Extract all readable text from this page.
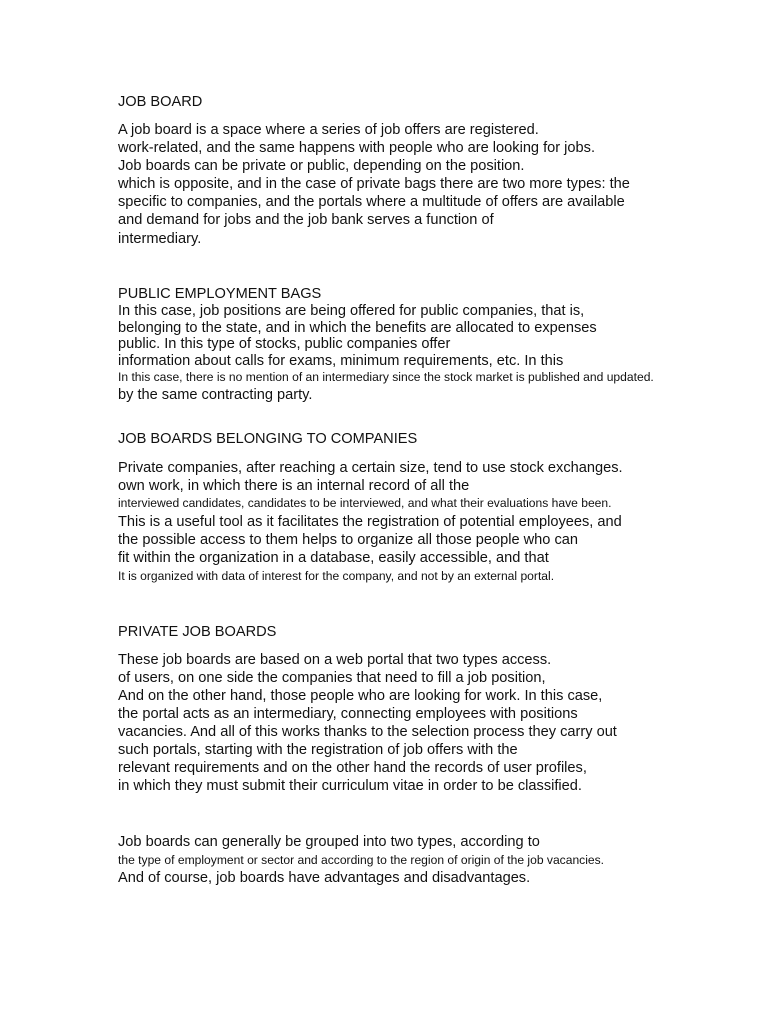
JOB BOARD
A job board is a space where a series of job offers are registered.
work-related, and the same happens with people who are looking for jobs.
Job boards can be private or public, depending on the position.
which is opposite, and in the case of private bags there are two more types: the
specific to companies, and the portals where a multitude of offers are available
and demand for jobs and the job bank serves a function of
intermediary.
PUBLIC EMPLOYMENT BAGS
In this case, job positions are being offered for public companies, that is,
belonging to the state, and in which the benefits are allocated to expenses
public. In this type of stocks, public companies offer
information about calls for exams, minimum requirements, etc. In this
In this case, there is no mention of an intermediary since the stock market is published and updated.
by the same contracting party.
JOB BOARDS BELONGING TO COMPANIES
Private companies, after reaching a certain size, tend to use stock exchanges.
own work, in which there is an internal record of all the
interviewed candidates, candidates to be interviewed, and what their evaluations have been.
This is a useful tool as it facilitates the registration of potential employees, and
the possible access to them helps to organize all those people who can
fit within the organization in a database, easily accessible, and that
It is organized with data of interest for the company, and not by an external portal.
PRIVATE JOB BOARDS
These job boards are based on a web portal that two types access.
of users, on one side the companies that need to fill a job position,
And on the other hand, those people who are looking for work. In this case,
the portal acts as an intermediary, connecting employees with positions
vacancies. And all of this works thanks to the selection process they carry out
such portals, starting with the registration of job offers with the
relevant requirements and on the other hand the records of user profiles,
in which they must submit their curriculum vitae in order to be classified.
Job boards can generally be grouped into two types, according to
the type of employment or sector and according to the region of origin of the job vacancies.
And of course, job boards have advantages and disadvantages.
